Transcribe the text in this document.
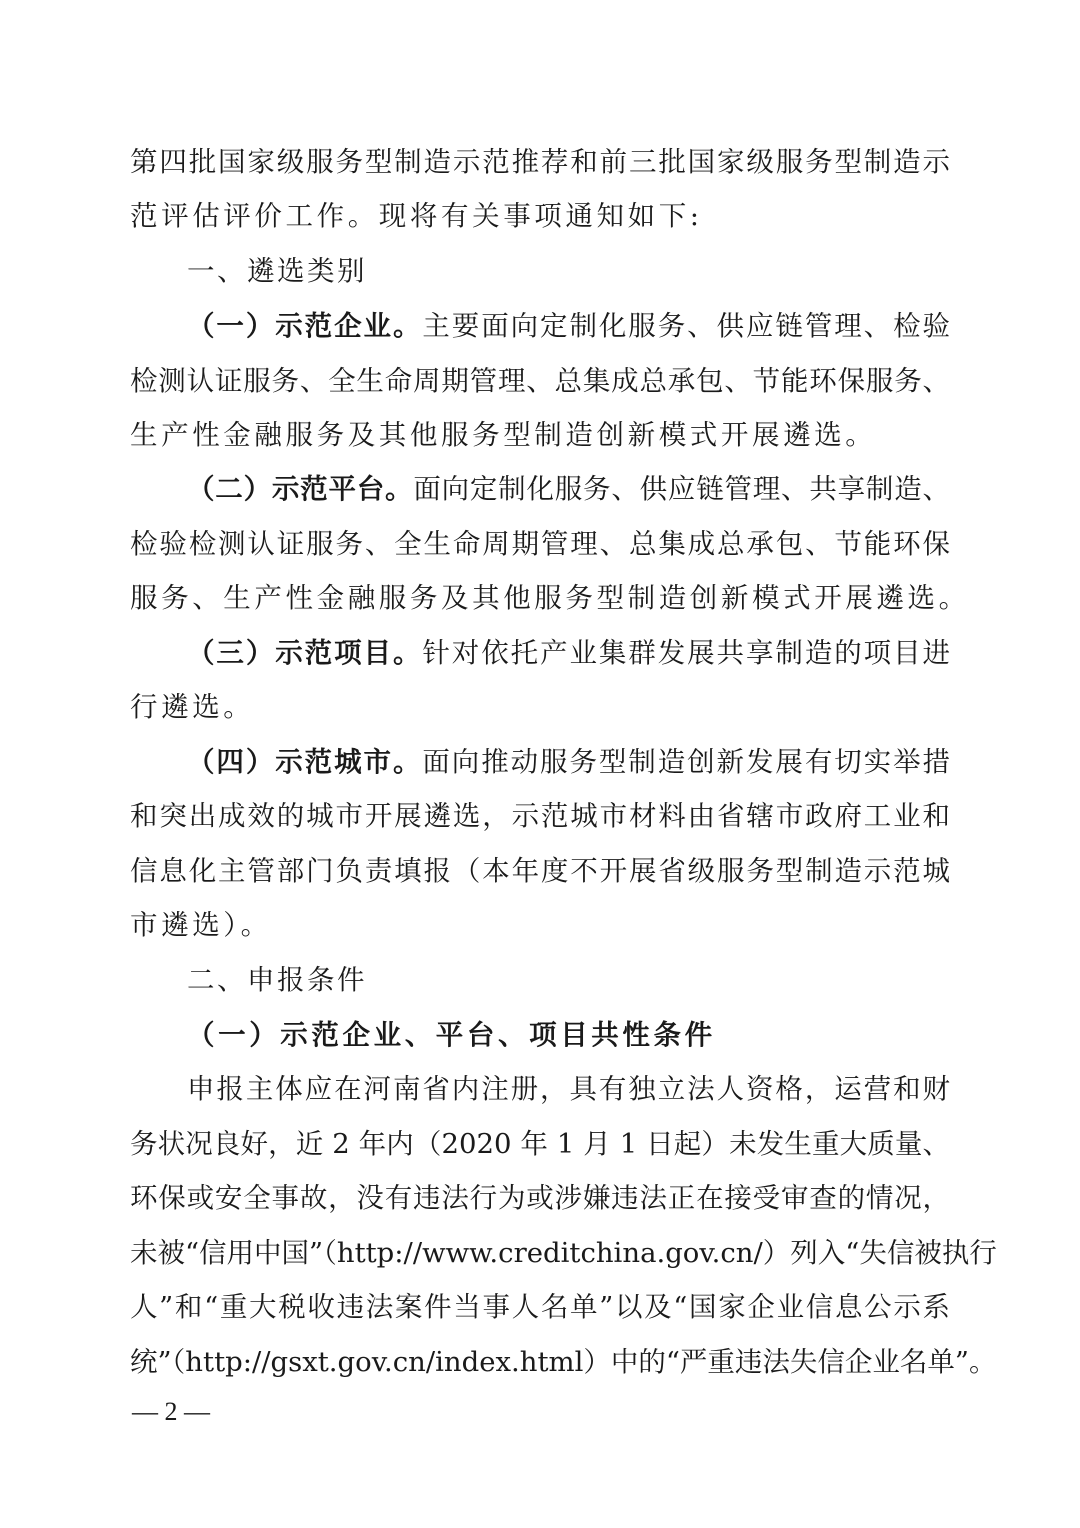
第四批国家级服务型制造示范推荐和前三批国家级服务型制造示
范评估评价工作。现将有关事项通知如下:
一、遴选类别
（一）示范企业。主要面向定制化服务、供应链管理、检验
检测认证服务、全生命周期管理、总集成总承包、节能环保服务、
生产性金融服务及其他服务型制造创新模式开展遴选。
（二）示范平台。面向定制化服务、供应链管理、共享制造、
检验检测认证服务、全生命周期管理、总集成总承包、节能环保
服务、生产性金融服务及其他服务型制造创新模式开展遴选。
（三）示范项目。针对依托产业集群发展共享制造的项目进
行遴选。
（四）示范城市。面向推动服务型制造创新发展有切实举措
和突出成效的城市开展遴选，示范城市材料由省辖市政府工业和
信息化主管部门负责填报（本年度不开展省级服务型制造示范城
市遴选）。
二、申报条件
（一）示范企业、平台、项目共性条件
申报主体应在河南省内注册，具有独立法人资格，运营和财
务状况良好，近 2 年内（2020 年 1 月 1 日起）未发生重大质量、
环保或安全事故，没有违法行为或涉嫌违法正在接受审查的情况，
未被“信用中国”（http://www.creditchina.gov.cn/）列入“失信被执行
人”和“重大税收违法案件当事人名单”以及“国家企业信息公示系
统”（http://gsxt.gov.cn/index.html）中的“严重违法失信企业名单”。
— 2 —
